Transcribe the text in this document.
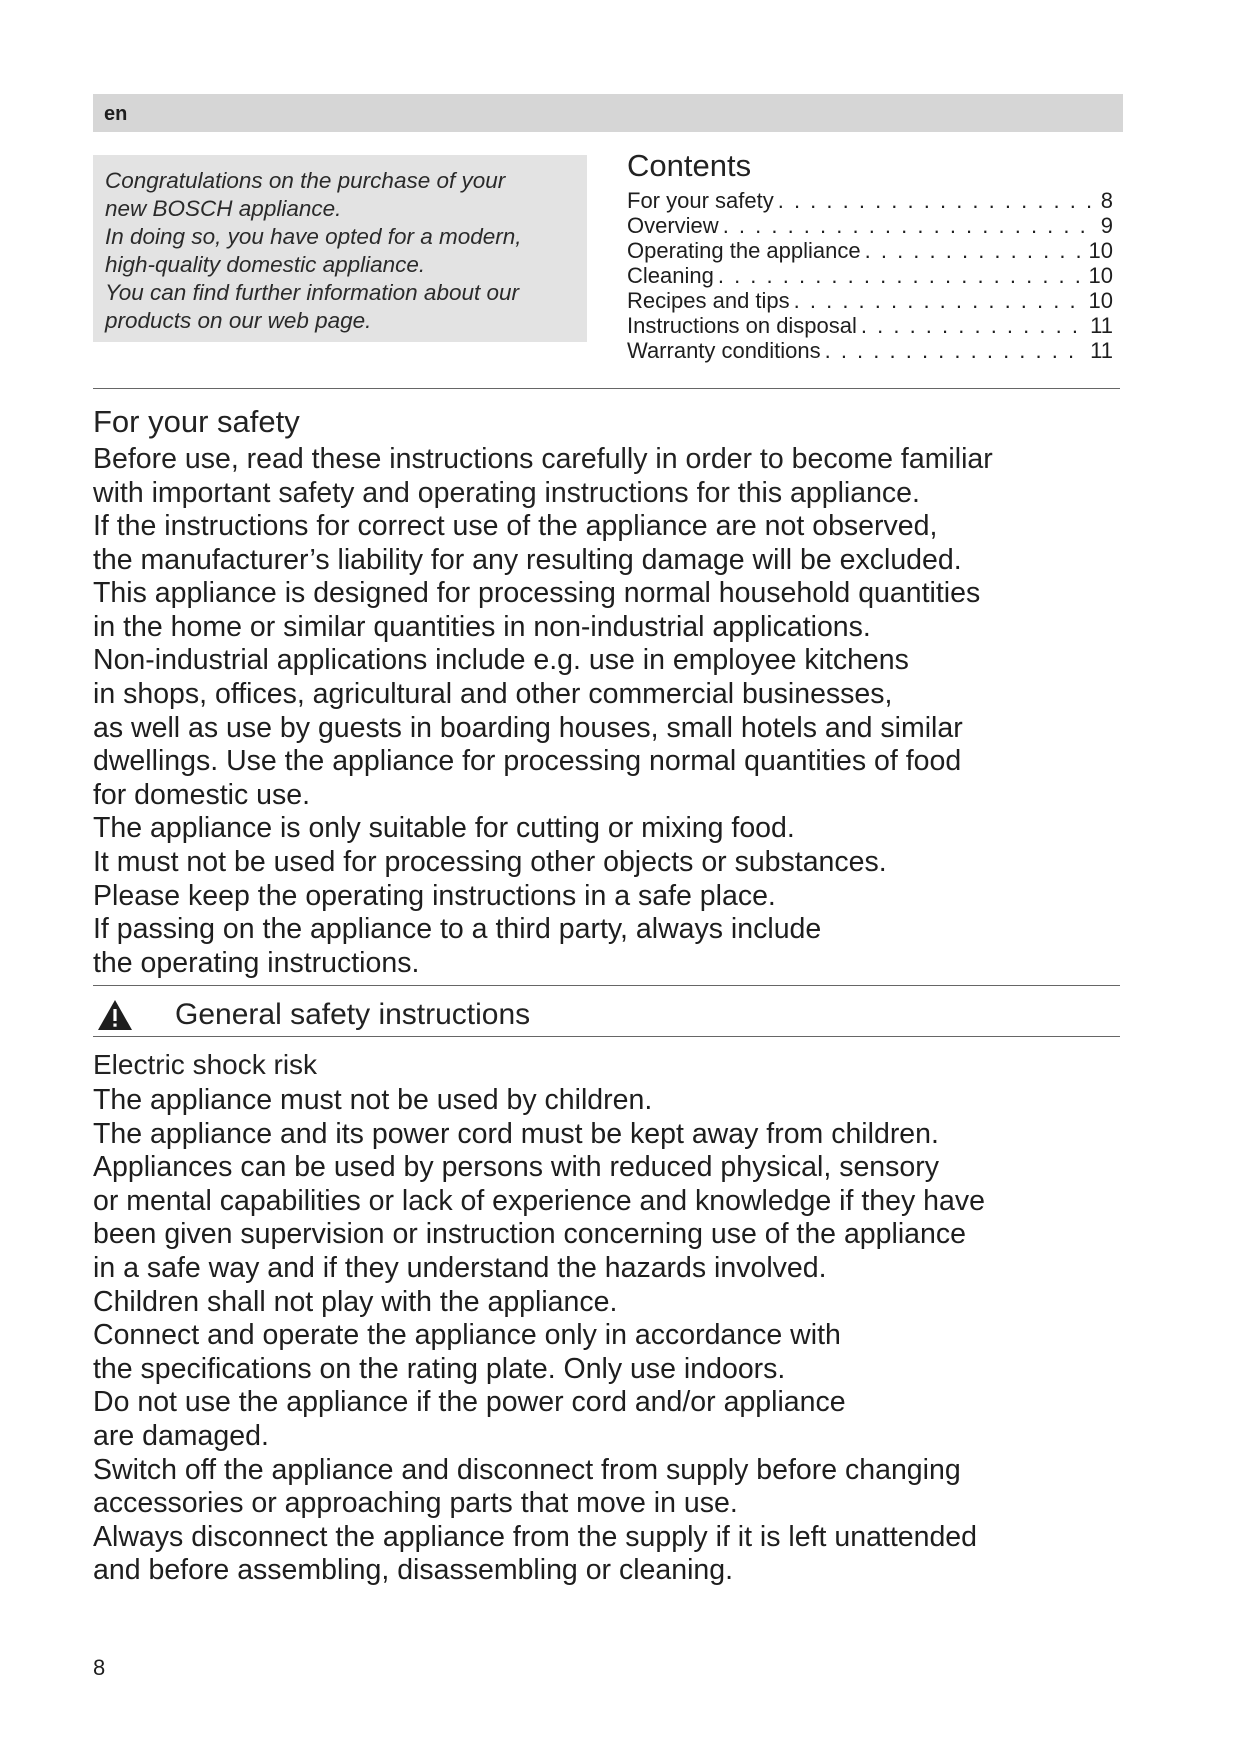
en

Congratulations on the purchase of your

new BOSCH appliance.

In doing so, you have opted for a modern,

high-quality domestic appliance.

You can find further information about our

products on our web page.

Contents
For your safety . . .	8
Overview . . .	9
Operating the appliance . . .	10
Cleaning . . .	10
Recipes and tips . . .	10
Instructions on disposal . . .	11
Warranty conditions . . .	11
For your safety

Before use, read these instructions carefully in order to become familiar

with important safety and operating instructions for this appliance.

If the instructions for correct use of the appliance are not observed,

the manufacturer’s liability for any resulting damage will be excluded.

This appliance is designed for processing normal household quantities

in the home or similar quantities in non-industrial applications.

Non-industrial applications include e.g. use in employee kitchens

in shops, offices, agricultural and other commercial businesses,

as well as use by guests in boarding houses, small hotels and similar

dwellings. Use the appliance for processing normal quantities of food

for domestic use.

The appliance is only suitable for cutting or mixing food.

It must not be used for processing other objects or substances.

Please keep the operating instructions in a safe place.

If passing on the appliance to a third party, always include

the operating instructions.

General safety instructions
Electric shock risk

The appliance must not be used by children.

The appliance and its power cord must be kept away from children.

Appliances can be used by persons with reduced physical, sensory

or mental capabilities or lack of experience and knowledge if they have

been given supervision or instruction concerning use of the appliance

in a safe way and if they understand the hazards involved.

Children shall not play with the appliance.

Connect and operate the appliance only in accordance with

the specifications on the rating plate. Only use indoors.

Do not use the appliance if the power cord and/or appliance

are damaged.

Switch off the appliance and disconnect from supply before changing

accessories or approaching parts that move in use.

Always disconnect the appliance from the supply if it is left unattended

and before assembling, disassembling or cleaning.

8
